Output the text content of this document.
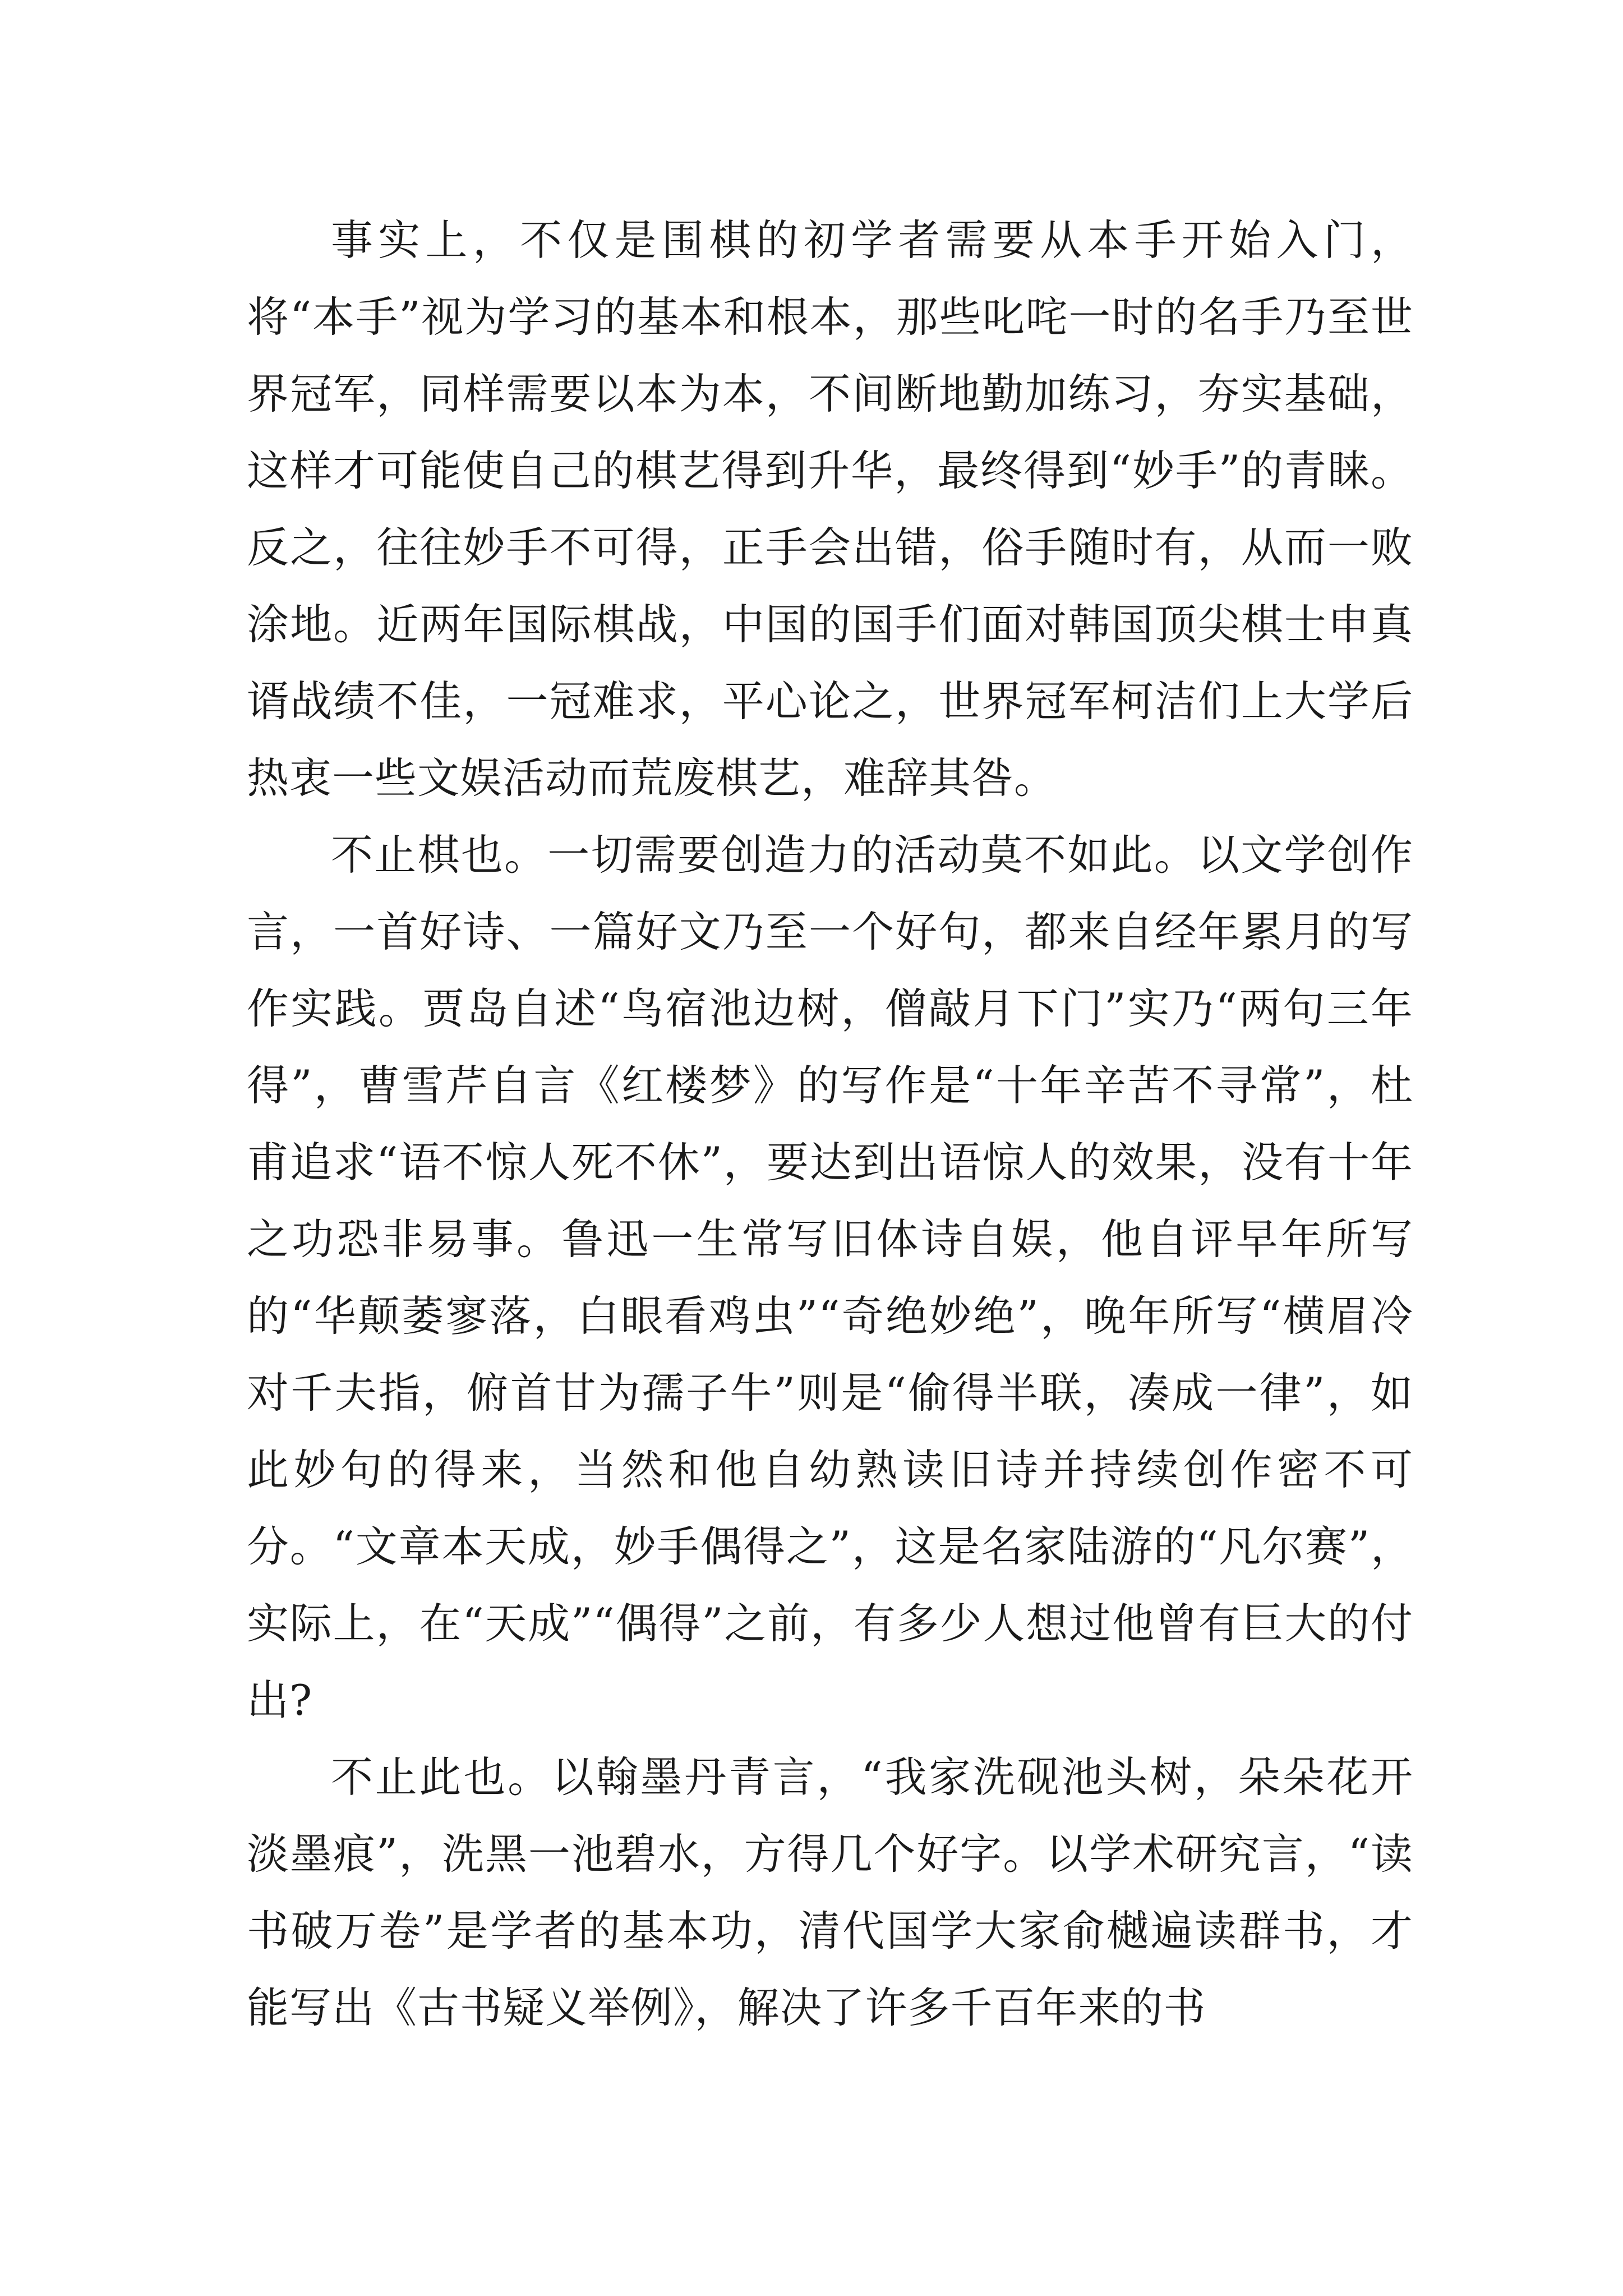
事实上，不仅是围棋的初学者需要从本手开始入门，将“本手”视为学习的基本和根本，那些叱咤一时的名手乃至世界冠军，同样需要以本为本，不间断地勤加练习，夯实基础，这样才可能使自己的棋艺得到升华，最终得到“妙手”的青睐。反之，往往妙手不可得，正手会出错，俗手随时有，从而一败涂地。近两年国际棋战，中国的国手们面对韩国顶尖棋士申真谞战绩不佳，一冠难求，平心论之，世界冠军柯洁们上大学后热衷一些文娱活动而荒废棋艺，难辞其咎。

不止棋也。一切需要创造力的活动莫不如此。以文学创作言，一首好诗、一篇好文乃至一个好句，都来自经年累月的写作实践。贾岛自述“鸟宿池边树，僧敲月下门”实乃“两句三年得”，曹雪芹自言《红楼梦》的写作是“十年辛苦不寻常”，杜甫追求“语不惊人死不休”，要达到出语惊人的效果，没有十年之功恐非易事。鲁迅一生常写旧体诗自娱，他自评早年所写的“华颠萎寥落，白眼看鸡虫”“奇绝妙绝”，晚年所写“横眉冷对千夫指，俯首甘为孺子牛”则是“偷得半联，凑成一律”，如此妙句的得来，当然和他自幼熟读旧诗并持续创作密不可分。“文章本天成，妙手偶得之”，这是名家陆游的“凡尔赛”，实际上，在“天成”“偶得”之前，有多少人想过他曾有巨大的付出?

不止此也。以翰墨丹青言，“我家洗砚池头树，朵朵花开淡墨痕”，洗黑一池碧水，方得几个好字。以学术研究言，“读书破万卷”是学者的基本功，清代国学大家俞樾遍读群书，才能写出《古书疑义举例》，解决了许多千百年来的书
